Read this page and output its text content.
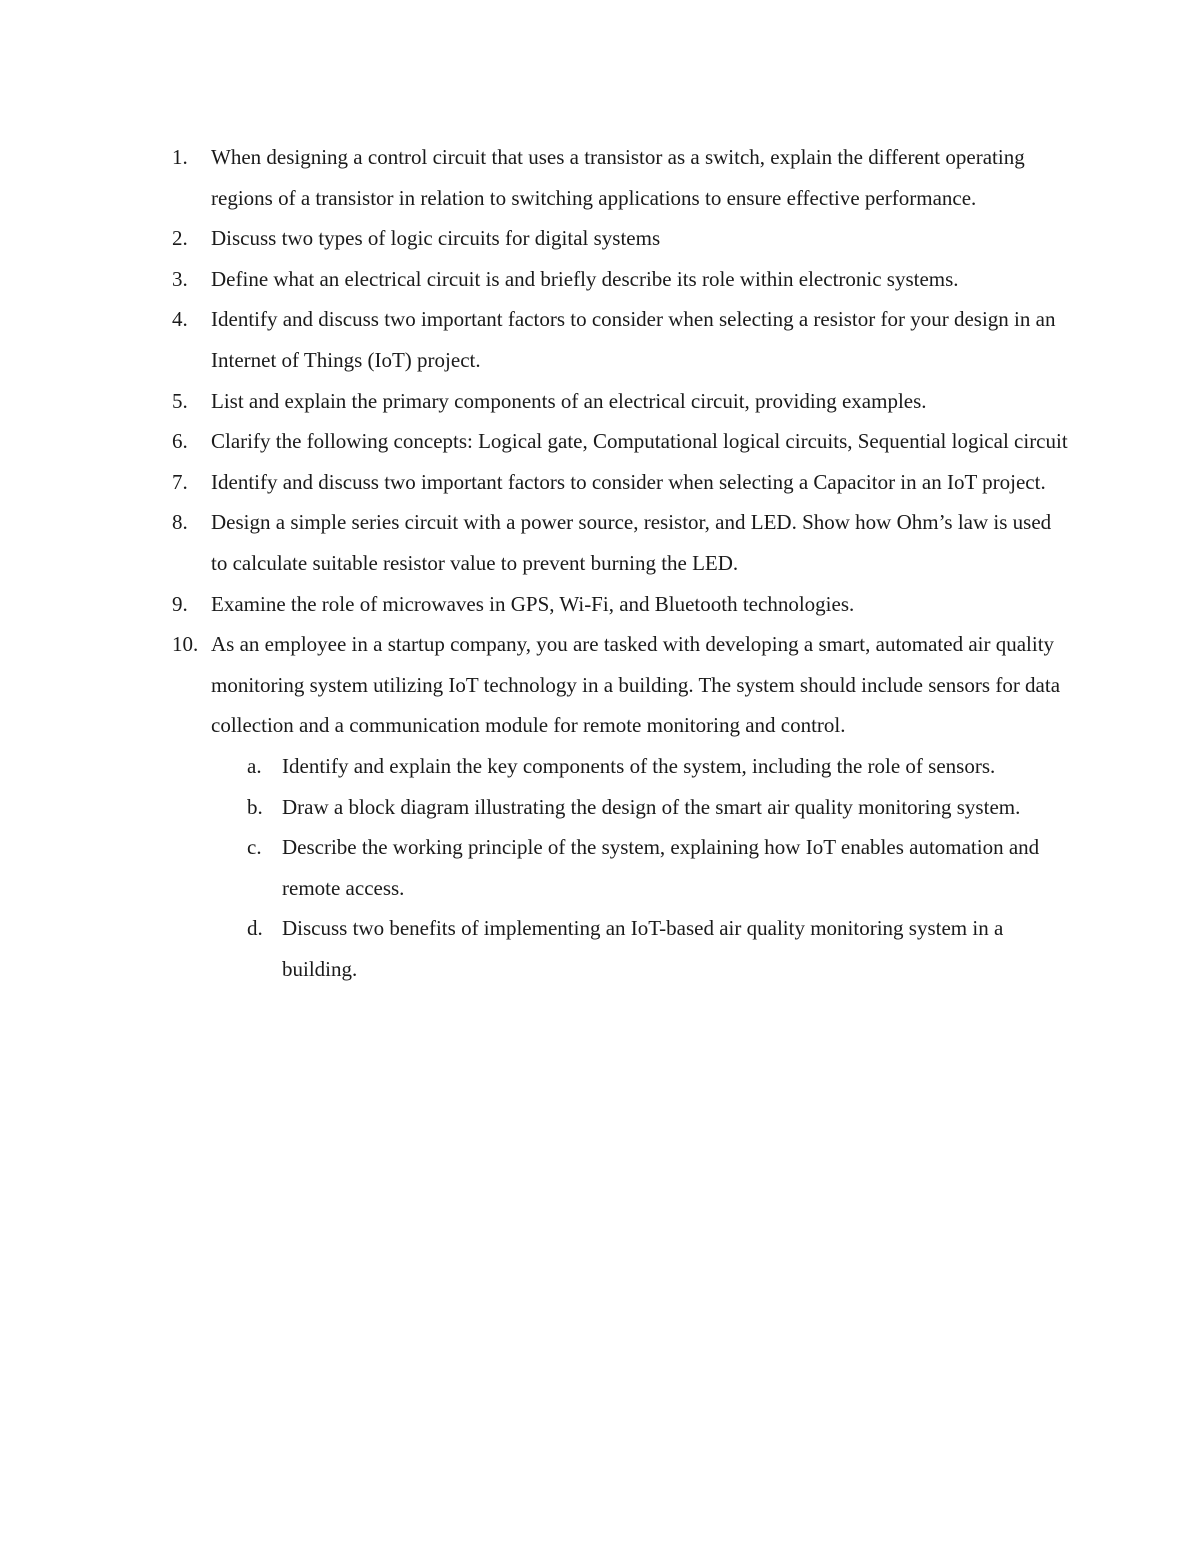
1. When designing a control circuit that uses a transistor as a switch, explain the different operating regions of a transistor in relation to switching applications to ensure effective performance.
2. Discuss two types of logic circuits for digital systems
3. Define what an electrical circuit is and briefly describe its role within electronic systems.
4. Identify and discuss two important factors to consider when selecting a resistor for your design in an Internet of Things (IoT) project.
5. List and explain the primary components of an electrical circuit, providing examples.
6. Clarify the following concepts: Logical gate, Computational logical circuits, Sequential logical circuit
7. Identify and discuss two important factors to consider when selecting a Capacitor in an IoT project.
8. Design a simple series circuit with a power source, resistor, and LED. Show how Ohm’s law is used to calculate suitable resistor value to prevent burning the LED.
9. Examine the role of microwaves in GPS, Wi-Fi, and Bluetooth technologies.
10. As an employee in a startup company, you are tasked with developing a smart, automated air quality monitoring system utilizing IoT technology in a building. The system should include sensors for data collection and a communication module for remote monitoring and control.
a. Identify and explain the key components of the system, including the role of sensors.
b. Draw a block diagram illustrating the design of the smart air quality monitoring system.
c. Describe the working principle of the system, explaining how IoT enables automation and remote access.
d. Discuss two benefits of implementing an IoT-based air quality monitoring system in a building.
